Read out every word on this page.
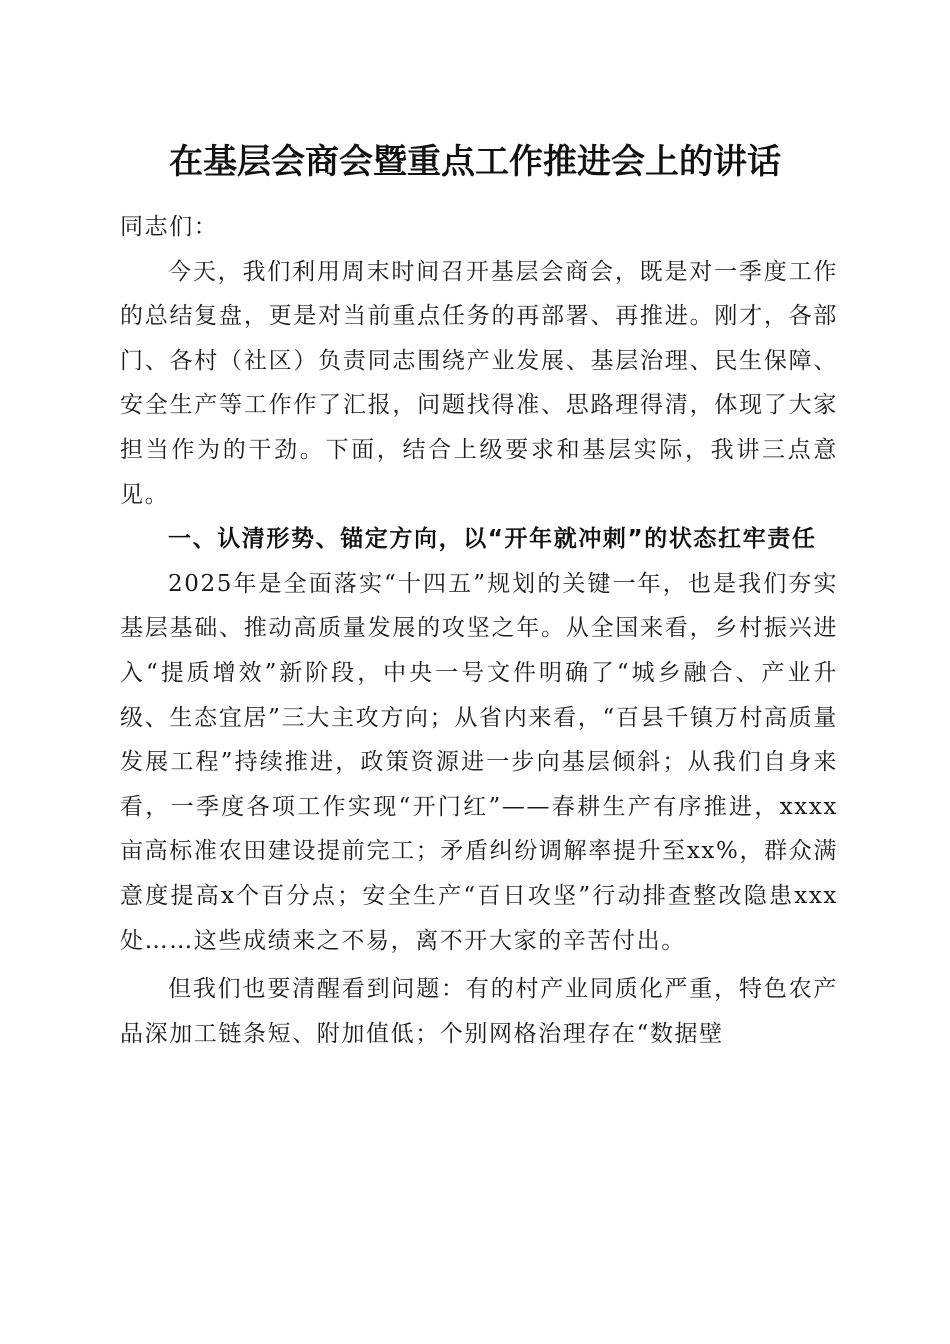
在基层会商会暨重点工作推进会上的讲话

同志们：

今天，我们利用周末时间召开基层会商会，既是对一季度工作的总结复盘，更是对当前重点任务的再部署、再推进。刚才，各部门、各村（社区）负责同志围绕产业发展、基层治理、民生保障、安全生产等工作作了汇报，问题找得准、思路理得清，体现了大家担当作为的干劲。下面，结合上级要求和基层实际，我讲三点意见。

一、认清形势、锚定方向，以“开年就冲刺”的状态扛牢责任

2025年是全面落实“十四五”规划的关键一年，也是我们夯实基层基础、推动高质量发展的攻坚之年。从全国来看，乡村振兴进入“提质增效”新阶段，中央一号文件明确了“城乡融合、产业升级、生态宜居”三大主攻方向；从省内来看，“百县千镇万村高质量发展工程”持续推进，政策资源进一步向基层倾斜；从我们自身来看，一季度各项工作实现“开门红”——春耕生产有序推进，xxxx亩高标准农田建设提前完工；矛盾纠纷调解率提升至xx%，群众满意度提高x个百分点；安全生产“百日攻坚”行动排查整改隐患xxx处……这些成绩来之不易，离不开大家的辛苦付出。

但我们也要清醒看到问题：有的村产业同质化严重，特色农产品深加工链条短、附加值低；个别网格治理存在“数据壁
